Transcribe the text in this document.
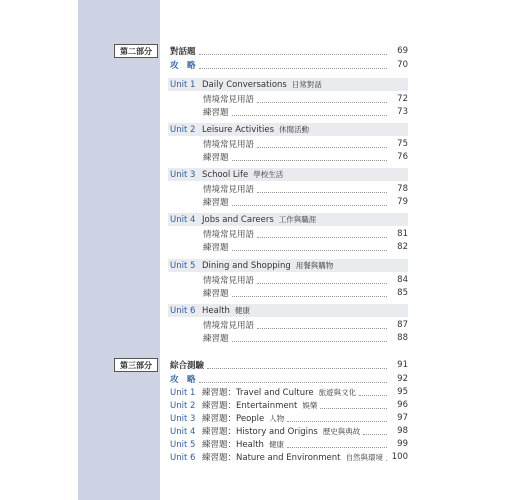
第二部分	對話題	69
攻　略	70
Unit 1 Daily Conversations 日常對話
情境常見用語	72
練習題	73
Unit 2 Leisure Activities 休閒活動
情境常見用語	75
練習題	76
Unit 3 School Life 學校生活
情境常見用語	78
練習題	79
Unit 4 Jobs and Careers 工作與職涯
情境常見用語	81
練習題	82
Unit 5 Dining and Shopping 用餐與購物
情境常見用語	84
練習題	85
Unit 6 Health 健康
情境常見用語	87
練習題	88
第三部分	綜合測驗	91
攻　略	92
Unit 1 練習題：Travel and Culture 旅遊與文化	95
Unit 2 練習題：Entertainment 娛樂	96
Unit 3 練習題：People 人物	97
Unit 4 練習題：History and Origins 歷史與典故	98
Unit 5 練習題：Health 健康	99
Unit 6 練習題：Nature and Environment 自然與環境 100
